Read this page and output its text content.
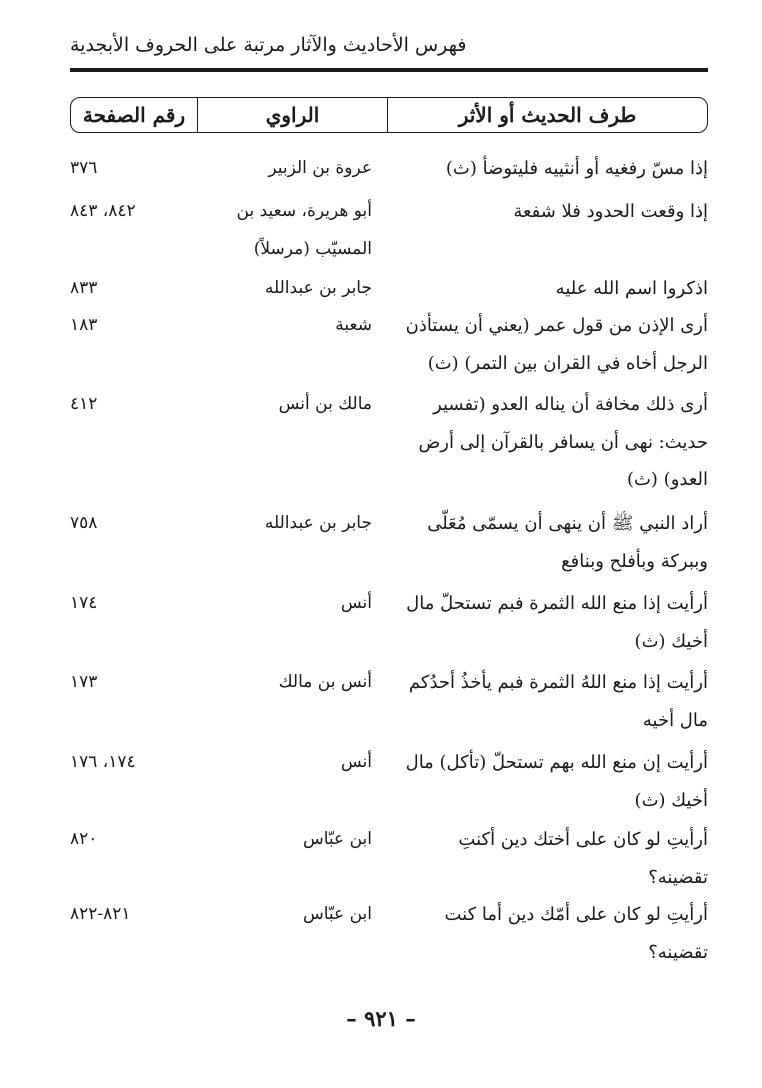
فهرس الأحاديث والآثار مرتبة على الحروف الأبجدية
طرف الحديث أو الأثر
الراوي
رقم الصفحة
إذا مسّ رفغيه أو أنثييه فليتوضأ (ث)
عروة بن الزبير
٣٧٦
إذا وقعت الحدود فلا شفعة
أبو هريرة، سعيد بن
المسيّب (مرسلاً)
٨٤٢، ٨٤٣
اذكروا اسم الله عليه
جابر بن عبدالله
٨٣٣
أرى الإذن من قول عمر (يعني أن يستأذن
الرجل أخاه في القران بين التمر) (ث)
شعبة
١٨٣
أرى ذلك مخافة أن يناله العدو (تفسير
حديث: نهى أن يسافر بالقرآن إلى أرض
العدو) (ث)
مالك بن أنس
٤١٢
أراد النبي ﷺ أن ينهى أن يسمّى مُعَلّى
وببركة وبأفلح وبنافع
جابر بن عبدالله
٧٥٨
أرأيت إذا منع الله الثمرة فبم تستحلّ مال
أخيك (ث)
أنس
١٧٤
أرأيت إذا منع اللهُ الثمرة فبم يأخذُ أحدُكم
مال أخيه
أنس بن مالك
١٧٣
أرأيت إن منع الله بهم تستحلّ (تأكل) مال
أخيك (ث)
أنس
١٧٤، ١٧٦
أرأيتِ لو كان على أختك دين أكنتِ
تقضينه؟
ابن عبّاس
٨٢٠
أرأيتِ لو كان على أمّك دين أما كنت
تقضينه؟
ابن عبّاس
٨٢١-٨٢٢
– ٩٢١ –
